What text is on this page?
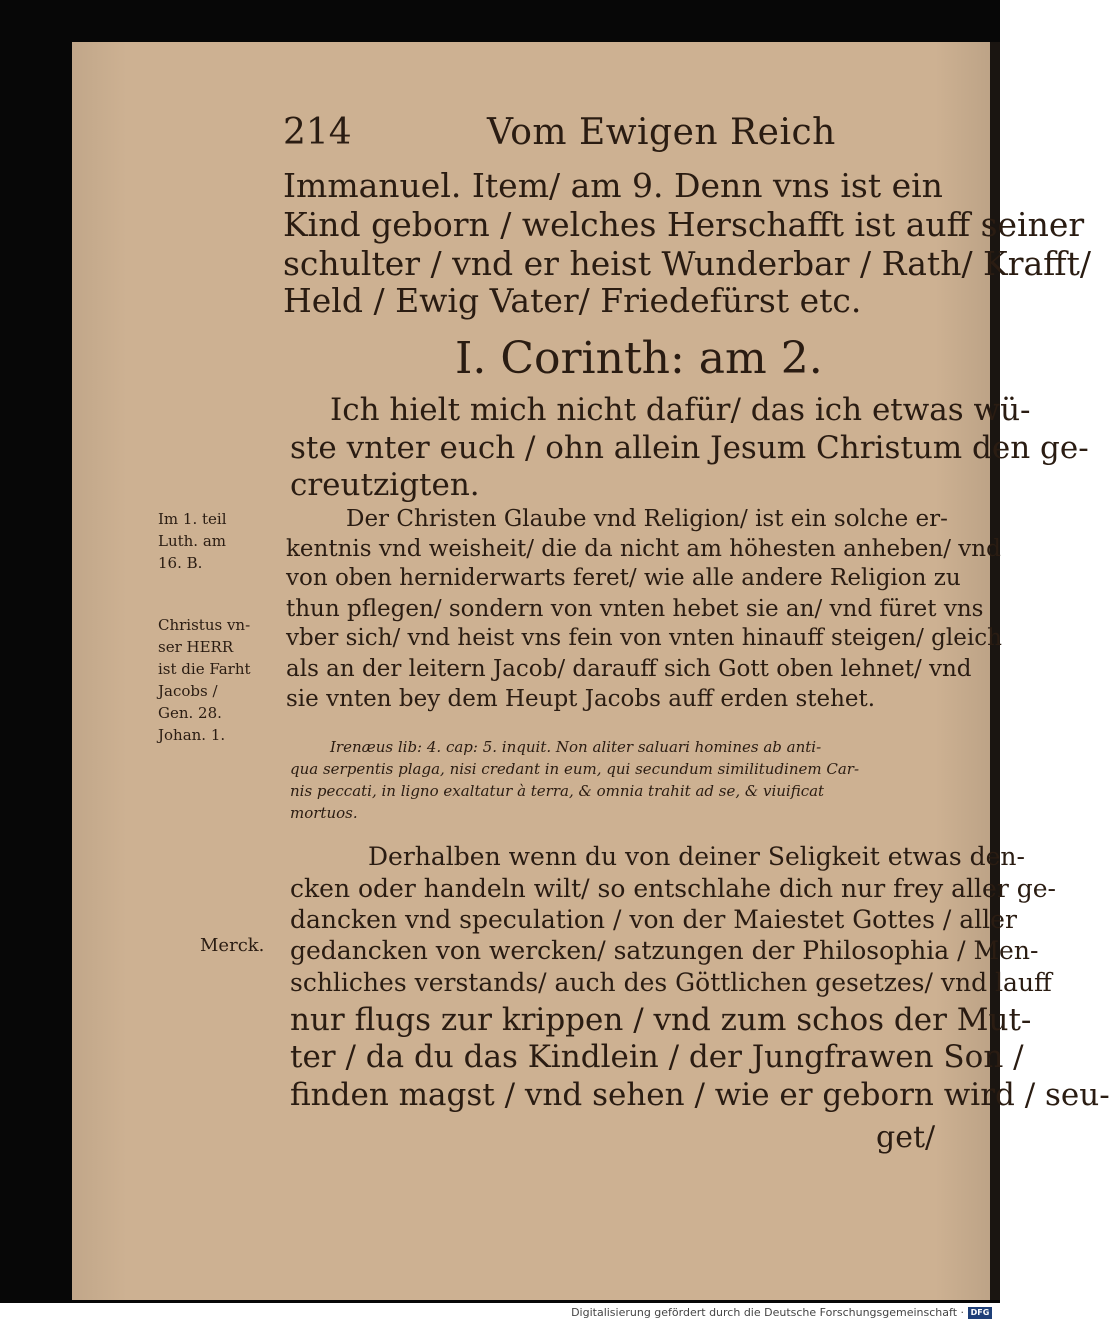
214	Vom Ewigen Reich
Immanuel. Item/ am 9. Denn vns ist ein
Kind geborn / welches Herschafft ist auff seiner
schulter / vnd er heist Wunderbar / Rath/ Krafft/
Held / Ewig Vater/ Friedefürst etc.
I. Corinth: am 2.
Ich hielt mich nicht dafür/ das ich etwas wü-
ste vnter euch / ohn allein Jesum Christum den ge-
creutzigten.
Im 1. teil
Luth. am
16. B.
Der Christen Glaube vnd Religion/ ist ein solche er-
kentnis vnd weisheit/ die da nicht am höhesten anheben/ vnd
von oben herniderwarts feret/ wie alle andere Religion zu
thun pflegen/ sondern von vnten hebet sie an/ vnd füret vns
vber sich/ vnd heist vns fein von vnten hinauff steigen/ gleich
als an der leitern Jacob/ darauff sich Gott oben lehnet/ vnd
sie vnten bey dem Heupt Jacobs auff erden stehet.
Christus vn-
ser HERR
ist die Farht
Jacobs /
Gen. 28.
Johan. 1.
Irenæus lib: 4. cap: 5. inquit. Non aliter saluari homines ab anti-
qua serpentis plaga, nisi credant in eum, qui secundum similitudinem Car-
nis peccati, in ligno exaltatur à terra, & omnia trahit ad se, & viuificat
mortuos.
Merck.
Derhalben wenn du von deiner Seligkeit etwas den-
cken oder handeln wilt/ so entschlahe dich nur frey aller ge-
dancken vnd speculation / von der Maiestet Gottes / aller
gedancken von wercken/ satzungen der Philosophia / Men-
schliches verstands/ auch des Göttlichen gesetzes/ vnd lauff
nur flugs zur krippen / vnd zum schos der Mut-
ter / da du das Kindlein / der Jungfrawen Son /
finden magst / vnd sehen / wie er geborn wird / seu-
get/
Digitalisierung gefördert durch die Deutsche Forschungsgemeinschaft · DFG
